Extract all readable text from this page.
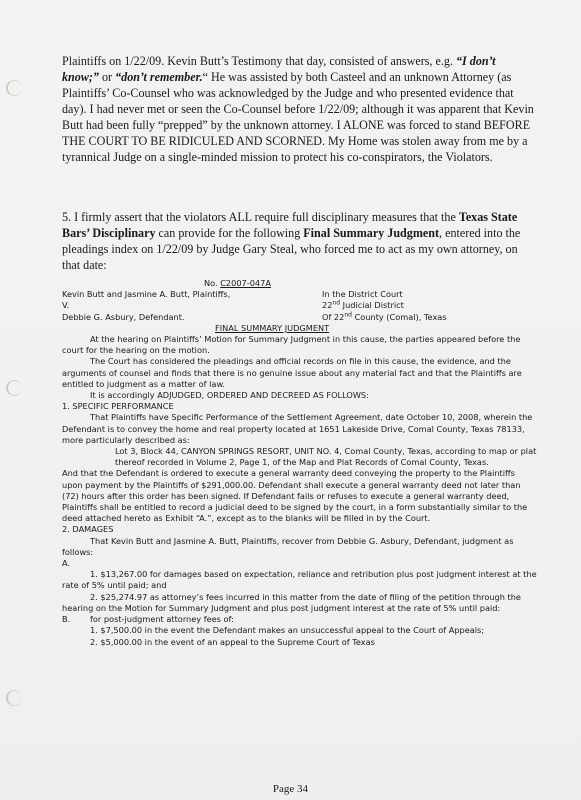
Plaintiffs on 1/22/09. Kevin Butt’s Testimony that day, consisted of answers, e.g. “I don’t know;” or “don’t remember.“ He was assisted by both Casteel and an unknown Attorney (as Plaintiffs’ Co-Counsel who was acknowledged by the Judge and who presented evidence that day). I had never met or seen the Co-Counsel before 1/22/09; although it was apparent that Kevin Butt had been fully “prepped” by the unknown attorney. I ALONE was forced to stand BEFORE THE COURT TO BE RIDICULED AND SCORNED. My Home was stolen away from me by a tyrannical Judge on a single-minded mission to protect his co-conspirators, the Violators.

5. I firmly assert that the violators ALL require full disciplinary measures that the Texas State Bars’ Disciplinary can provide for the following Final Summary Judgment, entered into the pleadings index on 1/22/09 by Judge Gary Steal, who forced me to act as my own attorney, on that date:

No. C2007-047A

Kevin Butt and Jasmine A. Butt, Plaintiffs,

V.

Debbie G. Asbury, Defendant.

In the District Court

22nd Judicial District

Of 22nd County (Comal), Texas

FINAL SUMMARY JUDGMENT

At the hearing on Plaintiffs’ Motion for Summary Judgment in this cause, the parties appeared before the court for the hearing on the motion.

The Court has considered the pleadings and official records on file in this cause, the evidence, and the arguments of counsel and finds that there is no genuine issue about any material fact and that the Plaintiffs are entitled to judgment as a matter of law.

It is accordingly ADJUDGED, ORDERED AND DECREED AS FOLLOWS:

1. SPECIFIC PERFORMANCE

That Plaintiffs have Specific Performance of the Settlement Agreement, date October 10, 2008, wherein the Defendant is to convey the home and real property located at 1651 Lakeside Drive, Comal County, Texas 78133, more particularly described as:

Lot 3, Block 44, CANYON SPRINGS RESORT, UNIT NO. 4, Comal County, Texas, according to map or plat thereof recorded in Volume 2, Page 1, of the Map and Plat Records of Comal County, Texas.

And that the Defendant is ordered to execute a general warranty deed conveying the property to the Plaintiffs upon payment by the Plaintiffs of $291,000.00. Defendant shall execute a general warranty deed not later than (72) hours after this order has been signed. If Defendant fails or refuses to execute a general warranty deed, Plaintiffs shall be entitled to record a judicial deed to be signed by the court, in a form substantially similar to the deed attached hereto as Exhibit “A.”, except as to the blanks will be filled in by the Court.

2. DAMAGES

That Kevin Butt and Jasmine A. Butt, Plaintiffs, recover from Debbie G. Asbury, Defendant, judgment as follows:

A.

1. $13,267.00 for damages based on expectation, reliance and retribution plus post judgment interest at the rate of 5% until paid; and

2. $25,274.97 as attorney’s fees incurred in this matter from the date of filing of the petition through the hearing on the Motion for Summary Judgment and plus post judgment interest at the rate of 5% until paid:

B. for post-judgment attorney fees of:

1. $7,500.00 in the event the Defendant makes an unsuccessful appeal to the Court of Appeals;

2. $5,000.00 in the event of an appeal to the Supreme Court of Texas

Page 34
